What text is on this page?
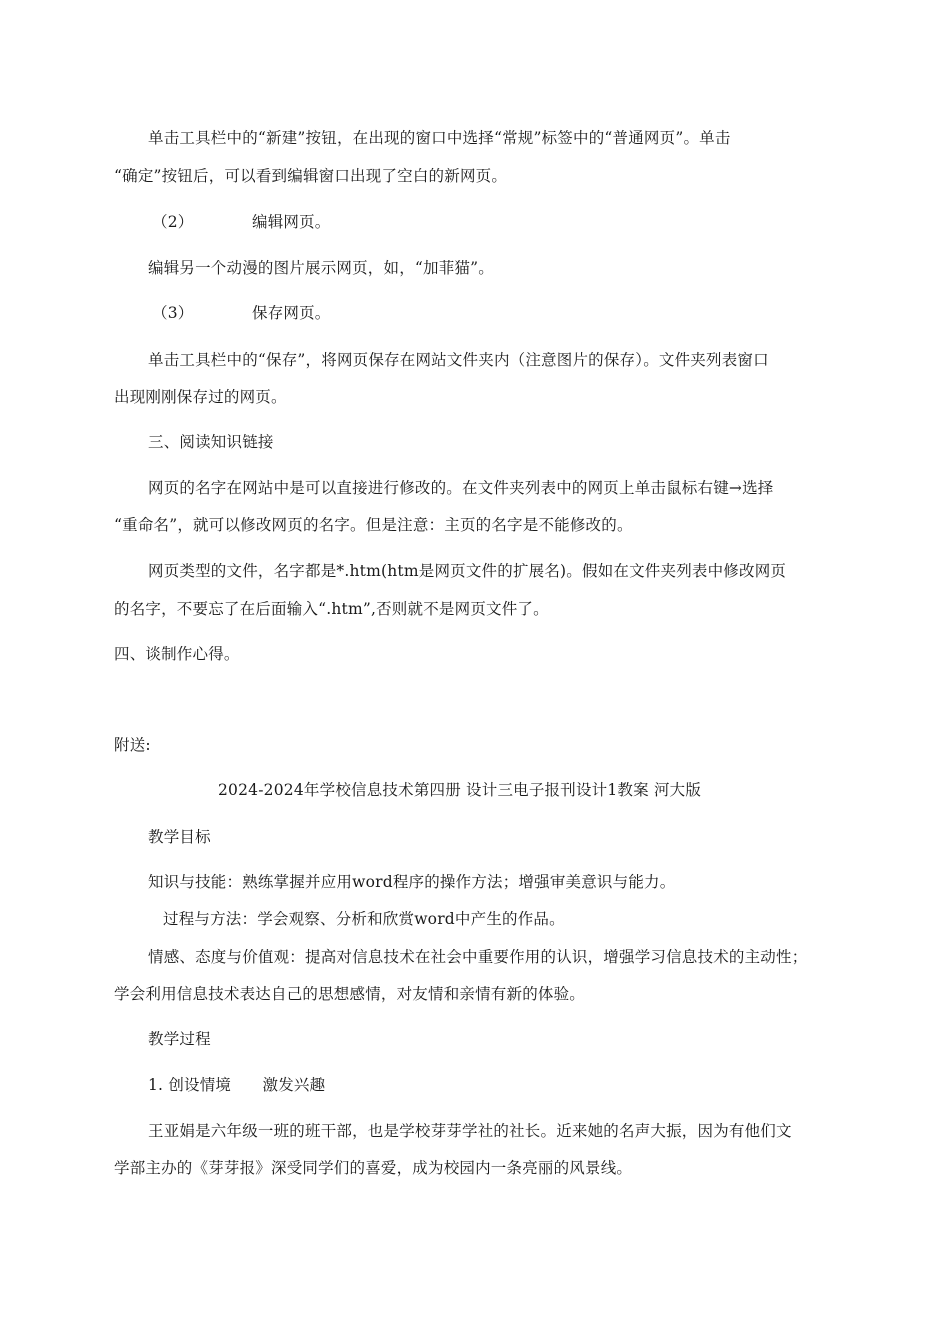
单击工具栏中的“新建”按钮，在出现的窗口中选择“常规”标签中的“普通网页”。单击

“确定”按钮后，可以看到编辑窗口出现了空白的新网页。

（2）	编辑网页。

编辑另一个动漫的图片展示网页，如，“加菲猫”。

（3）	保存网页。

单击工具栏中的“保存”，将网页保存在网站文件夹内（注意图片的保存）。文件夹列表窗口

出现刚刚保存过的网页。

三、阅读知识链接

网页的名字在网站中是可以直接进行修改的。在文件夹列表中的网页上单击鼠标右键→选择

“重命名”，就可以修改网页的名字。但是注意：主页的名字是不能修改的。

网页类型的文件，名字都是*.htm(htm是网页文件的扩展名)。假如在文件夹列表中修改网页

的名字，不要忘了在后面输入“.htm”,否则就不是网页文件了。

四、谈制作心得。

附送:

2024-2024年学校信息技术第四册 设计三电子报刊设计1教案 河大版

教学目标

知识与技能：熟练掌握并应用word程序的操作方法；增强审美意识与能力。

过程与方法：学会观察、分析和欣赏word中产生的作品。

情感、态度与价值观：提高对信息技术在社会中重要作用的认识，增强学习信息技术的主动性；

学会利用信息技术表达自己的思想感情，对友情和亲情有新的体验。

教学过程

1. 创设情境　　激发兴趣

王亚娟是六年级一班的班干部，也是学校芽芽学社的社长。近来她的名声大振，因为有他们文

学部主办的《芽芽报》深受同学们的喜爱，成为校园内一条亮丽的风景线。
